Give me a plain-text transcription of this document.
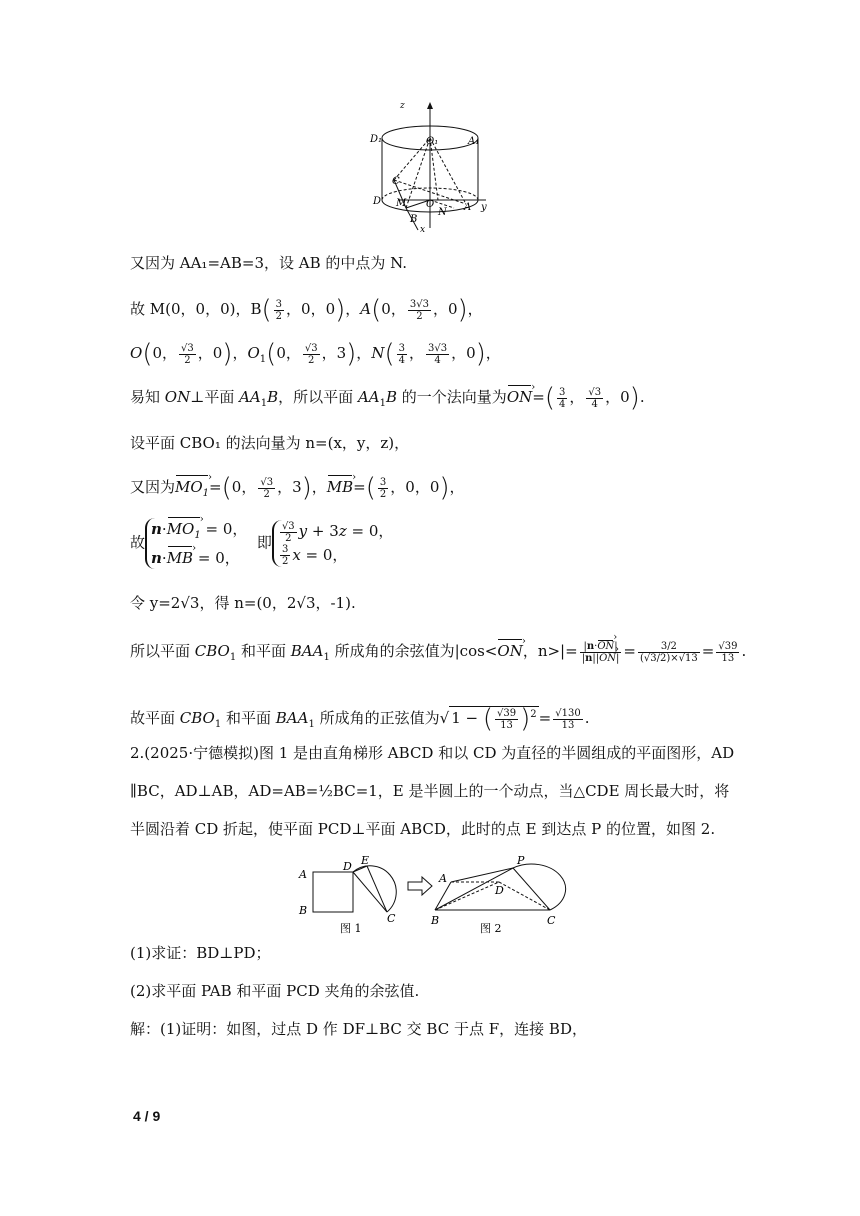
z
D₁	O₁	A₁
C
D M O	A y
B
N
x
又因为 AA₁=AB=3，设 AB 的中点为 N.
故 M(0，0，0)，$B( \frac{3}{2}$ ，0，0)，A(0， $\frac{3√3}{2}$ ，0)，
O(0， $\frac{√3}{2}$ ，0)，$O_1(0$， $\frac{√3}{2}$ ，3)，$N( \frac{3}{4}$ ， $\frac{3√3}{4}$ ，0)，
易知 ON⊥平面 $AA_1B$，所以平面 $AA_1B$ 的一个法向量为ON ›=( $\frac{3}{4}$ ， $\frac{√3}{4}$ ，0).
设平面 CBO₁ 的法向量为 n=(x，y，z)，
又因为$MO_1$ ›=(0， $\frac{√3}{2}$ ，3)，MB ›=( $\frac{3}{2}$ ，0，0)，
故$n\cdot MO_1$ › = 0，
n·MB › = 0，  即 $\frac{√3}{2}$ y + 3z = 0，

$\frac{3}{2}$ x = 0，
令 y=2√3，得 n=(0，2√3，-1).
所以平面 $CBO_1$ 和平面 $BAA_1$ 所成角的余弦值为|cos<ON ›，$n>|= \frac{|n\cdot ON ›|}{|n||ON ›|} = \frac{3/2}{(√3/2)\times√13} = \frac{√39}{13}$ .
故平面 $CBO_1$ 和平面 $BAA_1$ 所成角的正弦值为√ 1 − ( $\frac{√39}{13} )^2 = \frac{√130}{13}$ .
2.(2025·宁德模拟)图 1 是由直角梯形 ABCD 和以 CD 为直径的半圆组成的平面图形，AD
∥BC，AD⊥AB，AD=AB=½BC=1，E 是半圆上的一个动点，当△CDE 周长最大时，将
半圆沿着 CD 折起，使平面 PCD⊥平面 ABCD，此时的点 E 到达点 P 的位置，如图 2.
A
D E
B
C
A
D
B	C
P
图 1	图 2
(1)求证：BD⊥PD；
(2)求平面 PAB 和平面 PCD 夹角的余弦值.
解：(1)证明：如图，过点 D 作 DF⊥BC 交 BC 于点 F，连接 BD，
4 / 9
